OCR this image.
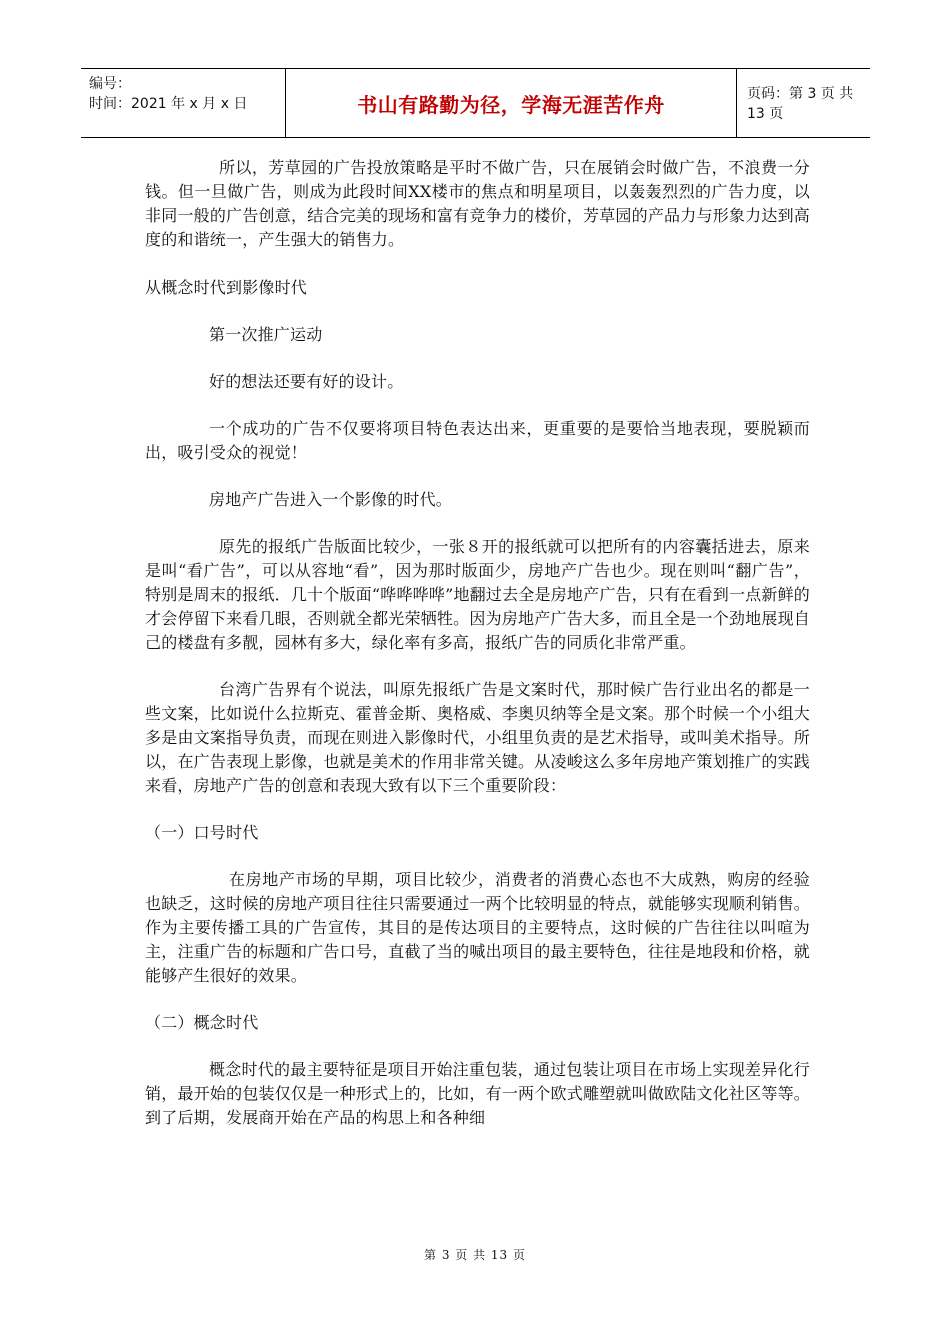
编号：
时间：2021 年 x 月 x 日	书山有路勤为径，学海无涯苦作舟	页码：第 3 页 共 13 页

所以，芳草园的广告投放策略是平时不做广告，只在展销会时做广告，不浪费一分钱。但一旦做广告，则成为此段时间XX楼市的焦点和明星项目，以轰轰烈烈的广告力度，以非同一般的广告创意，结合完美的现场和富有竞争力的楼价，芳草园的产品力与形象力达到高度的和谐统一，产生强大的销售力。

从概念时代到影像时代

第一次推广运动

好的想法还要有好的设计。

一个成功的广告不仅要将项目特色表达出来，更重要的是要恰当地表现，要脱颖而出，吸引受众的视觉！

房地产广告进入一个影像的时代。

原先的报纸广告版面比较少，一张８开的报纸就可以把所有的内容囊括进去，原来是叫“看广告”，可以从容地“看”，因为那时版面少，房地产广告也少。现在则叫“翻广告”，特别是周末的报纸．几十个版面“哗哗哗哗”地翻过去全是房地产广告，只有在看到一点新鲜的才会停留下来看几眼，否则就全都光荣牺牲。因为房地产广告大多，而且全是一个劲地展现自己的楼盘有多靓，园林有多大，绿化率有多高，报纸广告的同质化非常严重。

台湾广告界有个说法，叫原先报纸广告是文案时代，那时候广告行业出名的都是一些文案，比如说什么拉斯克、霍普金斯、奥格威、李奥贝纳等全是文案。那个时候一个小组大多是由文案指导负责，而现在则进入影像时代，小组里负责的是艺术指导，或叫美术指导。所以，在广告表现上影像，也就是美术的作用非常关键。从凌峻这么多年房地产策划推广的实践来看，房地产广告的创意和表现大致有以下三个重要阶段：

（一）口号时代

在房地产市场的早期，项目比较少，消费者的消费心态也不大成熟，购房的经验也缺乏，这时候的房地产项目往往只需要通过一两个比较明显的特点，就能够实现顺利销售。作为主要传播工具的广告宣传，其目的是传达项目的主要特点，这时候的广告往往以叫喧为主，注重广告的标题和广告口号，直截了当的喊出项目的最主要特色，往往是地段和价格，就能够产生很好的效果。

（二）概念时代

概念时代的最主要特征是项目开始注重包装，通过包装让项目在市场上实现差异化行销，最开始的包装仅仅是一种形式上的，比如，有一两个欧式雕塑就叫做欧陆文化社区等等。到了后期，发展商开始在产品的构思上和各种细

第 3 页 共 13 页
